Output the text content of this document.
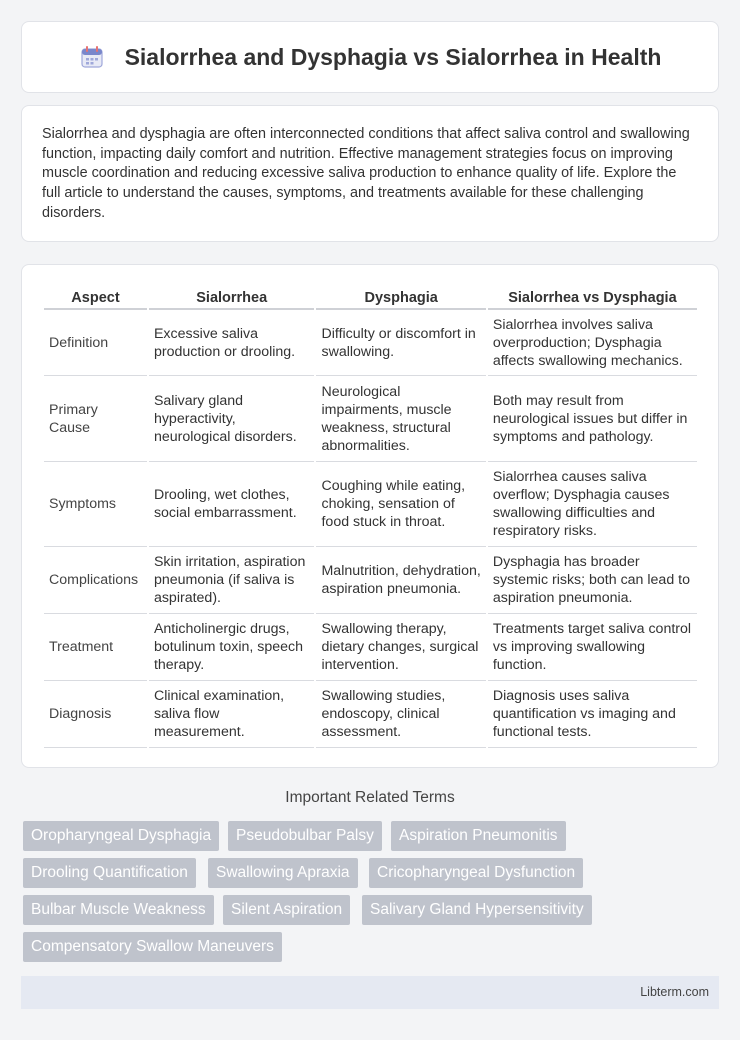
Sialorrhea and Dysphagia vs Sialorrhea in Health

Sialorrhea and dysphagia are often interconnected conditions that affect saliva control and swallowing function, impacting daily comfort and nutrition. Effective management strategies focus on improving muscle coordination and reducing excessive saliva production to enhance quality of life. Explore the full article to understand the causes, symptoms, and treatments available for these challenging disorders.

Aspect	Sialorrhea	Dysphagia	Sialorrhea vs Dysphagia
Definition	Excessive saliva production or drooling.	Difficulty or discomfort in swallowing.	Sialorrhea involves saliva overproduction; Dysphagia affects swallowing mechanics.
Primary Cause	Salivary gland hyperactivity, neurological disorders.	Neurological impairments, muscle weakness, structural abnormalities.	Both may result from neurological issues but differ in symptoms and pathology.
Symptoms	Drooling, wet clothes, social embarrassment.	Coughing while eating, choking, sensation of food stuck in throat.	Sialorrhea causes saliva overflow; Dysphagia causes swallowing difficulties and respiratory risks.
Complications	Skin irritation, aspiration pneumonia (if saliva is aspirated).	Malnutrition, dehydration, aspiration pneumonia.	Dysphagia has broader systemic risks; both can lead to aspiration pneumonia.
Treatment	Anticholinergic drugs, botulinum toxin, speech therapy.	Swallowing therapy, dietary changes, surgical intervention.	Treatments target saliva control vs improving swallowing function.
Diagnosis	Clinical examination, saliva flow measurement.	Swallowing studies, endoscopy, clinical assessment.	Diagnosis uses saliva quantification vs imaging and functional tests.
Important Related Terms
Oropharyngeal Dysphagia	Pseudobulbar Palsy	Aspiration Pneumonitis
Drooling Quantification	Swallowing Apraxia	Cricopharyngeal Dysfunction
Bulbar Muscle Weakness	Silent Aspiration	Salivary Gland Hypersensitivity
Compensatory Swallow Maneuvers
Libterm.com
